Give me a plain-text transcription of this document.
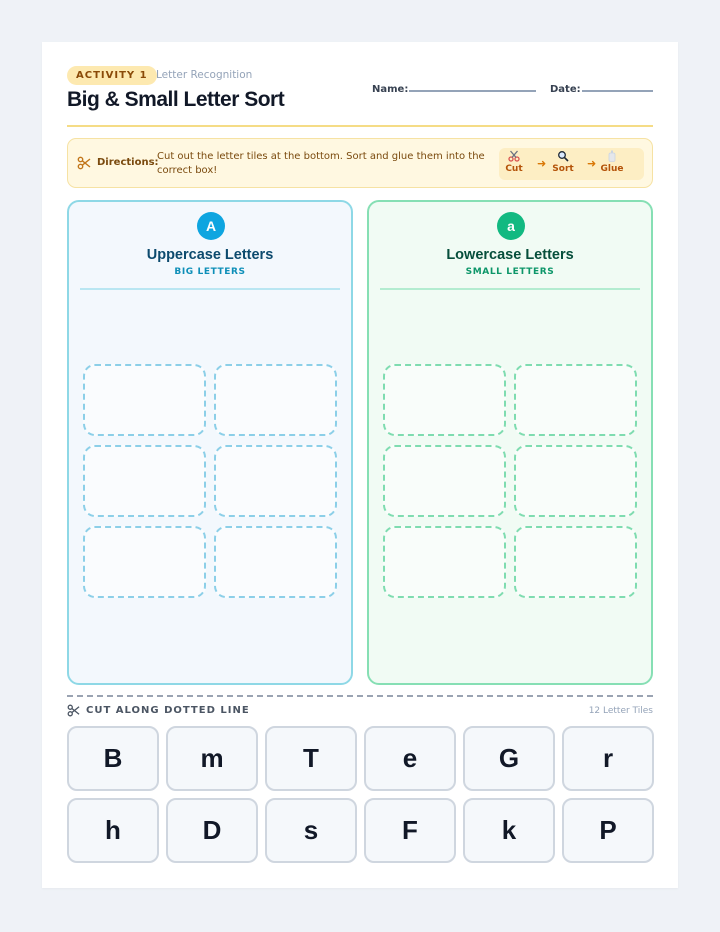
ACTIVITY 1 Letter Recognition
Big & Small Letter Sort	Name:	Date:
Directions:

Cut out the letter tiles at the bottom. Sort and glue them into the correct box!	Cut	➜ Sort ➜ Glue
A
Uppercase Letters
BIG LETTERS
a
Lowercase Letters
SMALL LETTERS
CUT ALONG DOTTED LINE	12 Letter Tiles
B	m	T	e	G	r
h	D	s	F	k	P
